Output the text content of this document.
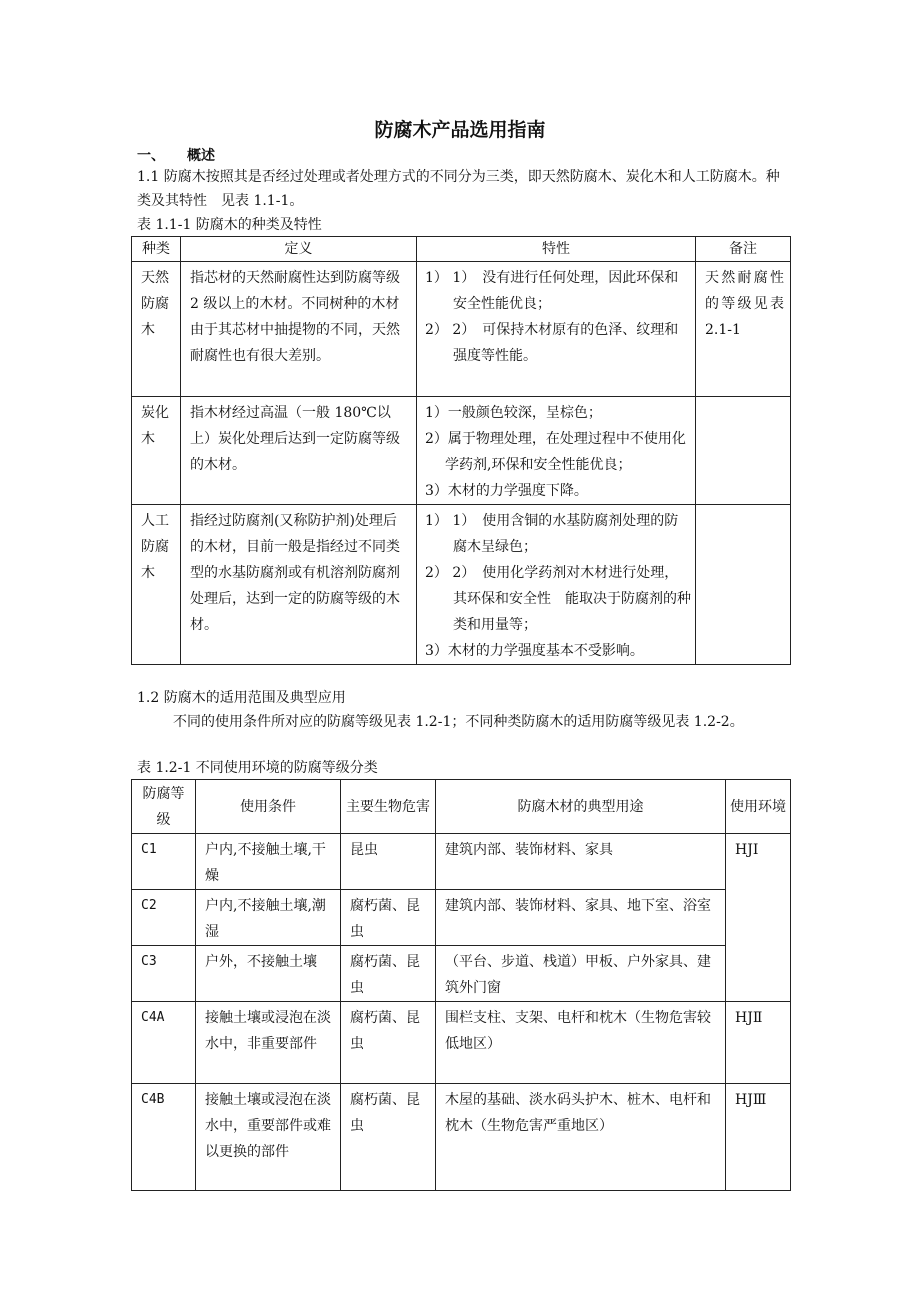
防腐木产品选用指南
一、 概述
1.1 防腐木按照其是否经过处理或者处理方式的不同分为三类，即天然防腐木、炭化木和人工防腐木。种类及其特性　见表 1.1-1。
表 1.1-1 防腐木的种类及特性
种类	定义	特性	备注
天然防腐木	指芯材的天然耐腐性达到防腐等级 2 级以上的木材。不同树种的木材由于其芯材中抽提物的不同，天然耐腐性也有很大差别。	1） 1）　没有进行任何处理，因此环保和安全性能优良；
2） 2）　可保持木材原有的色泽、纹理和强度等性能。	天然耐腐性的等级见表 2.1-1
炭化木	指木材经过高温（一般 180℃以上）炭化处理后达到一定防腐等级的木材。	1）一般颜色较深，呈棕色；
2）属于物理处理，在处理过程中不使用化学药剂,环保和安全性能优良；
3）木材的力学强度下降。	

人工防腐木	指经过防腐剂(又称防护剂)处理后的木材，目前一般是指经过不同类型的水基防腐剂或有机溶剂防腐剂处理后，达到一定的防腐等级的木材。	1） 1）　使用含铜的水基防腐剂处理的防腐木呈绿色；
2） 2）　使用化学药剂对木材进行处理，其环保和安全性　能取决于防腐剂的种类和用量等；
3）木材的力学强度基本不受影响。	

1.2 防腐木的适用范围及典型应用
不同的使用条件所对应的防腐等级见表 1.2-1；不同种类防腐木的适用防腐等级见表 1.2-2。
表 1.2-1 不同使用环境的防腐等级分类
防腐等级	使用条件	主要生物危害	防腐木材的典型用途	使用环境
C1	户内,不接触土壤,干燥	昆虫	建筑内部、装饰材料、家具	HJⅠ
C2	户内,不接触土壤,潮湿	腐朽菌、昆虫	建筑内部、装饰材料、家具、地下室、浴室	
C3	户外，不接触土壤	腐朽菌、昆虫	（平台、步道、栈道）甲板、户外家具、建筑外门窗	
C4A	接触土壤或浸泡在淡水中，非重要部件	腐朽菌、昆虫	围栏支柱、支架、电杆和枕木（生物危害较低地区）	HJⅡ
C4B	接触土壤或浸泡在淡水中，重要部件或难以更换的部件	腐朽菌、昆虫	木屋的基础、淡水码头护木、桩木、电杆和枕木（生物危害严重地区）	HJⅢ
